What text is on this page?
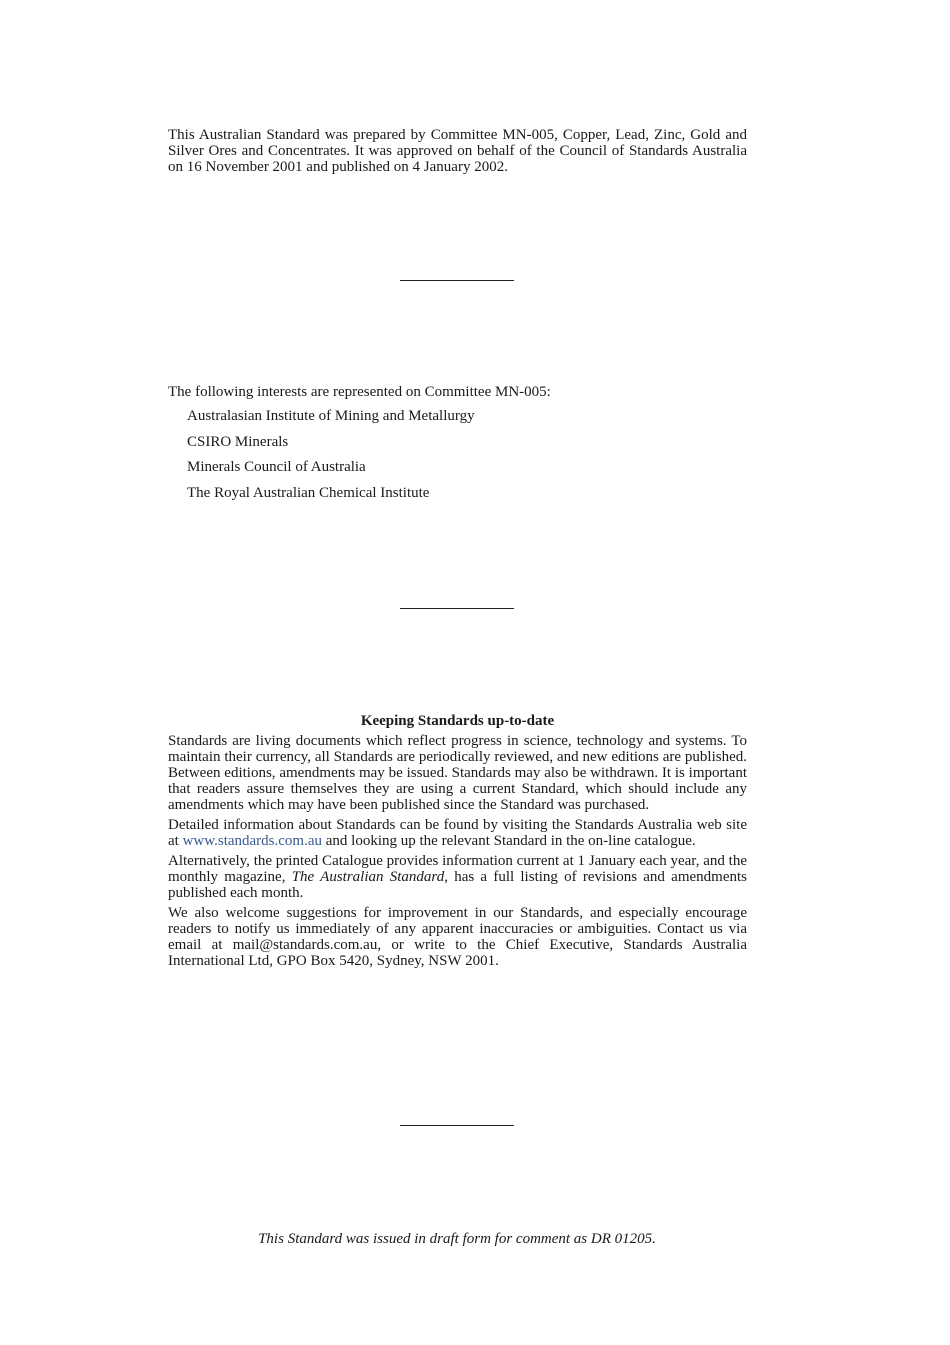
This Australian Standard was prepared by Committee MN-005, Copper, Lead, Zinc, Gold and Silver Ores and Concentrates. It was approved on behalf of the Council of Standards Australia on 16 November 2001 and published on 4 January 2002.
The following interests are represented on Committee MN-005:
Australasian Institute of Mining and Metallurgy
CSIRO Minerals
Minerals Council of Australia
The Royal Australian Chemical Institute
Keeping Standards up-to-date

Standards are living documents which reflect progress in science, technology and systems. To maintain their currency, all Standards are periodically reviewed, and new editions are published. Between editions, amendments may be issued. Standards may also be withdrawn. It is important that readers assure themselves they are using a current Standard, which should include any amendments which may have been published since the Standard was purchased.

Detailed information about Standards can be found by visiting the Standards Australia web site at www.standards.com.au and looking up the relevant Standard in the on-line catalogue.

Alternatively, the printed Catalogue provides information current at 1 January each year, and the monthly magazine, The Australian Standard, has a full listing of revisions and amendments published each month.

We also welcome suggestions for improvement in our Standards, and especially encourage readers to notify us immediately of any apparent inaccuracies or ambiguities. Contact us via email at mail@standards.com.au, or write to the Chief Executive, Standards Australia International Ltd, GPO Box 5420, Sydney, NSW 2001.

This Standard was issued in draft form for comment as DR 01205.
